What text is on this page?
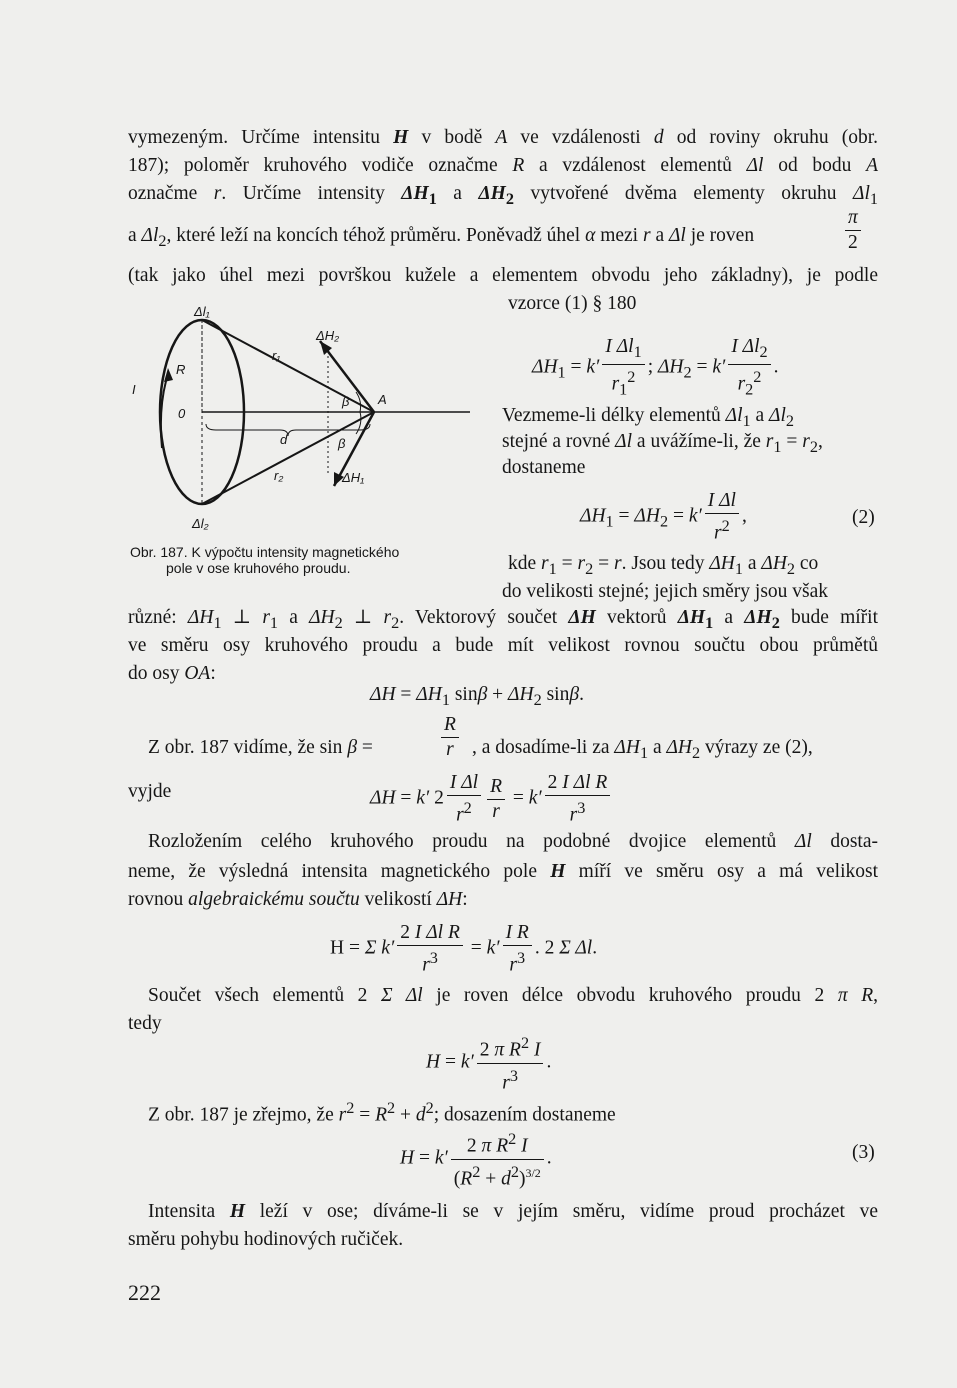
vymezeným. Určíme intensitu H v bodě A ve vzdálenosti d od roviny okruhu (obr.
187); poloměr kruhového vodiče označme R a vzdálenost elementů Δl od bodu A
označme r. Určíme intensity $\Delta H_1$ a $\Delta H_2$ vytvořené dvěma elementy okruhu $\Delta l_1$
a $\Delta l_2$, které leží na koncích téhož průměru. Poněvadž úhel α mezi r a Δl je roven	$\frac{\pi}{2}$
(tak jako úhel mezi površkou kužele a elementem obvodu jeho základny), je podle
vzorce (1) § 180
$\Delta H_1 = k' \frac{I \Delta l_1}{r_1^2}$ ; $\Delta H_2 = k' \frac{I \Delta l_2}{r_2^2}$ .
Vezmeme-li délky elementů $\Delta l_1$ a $\Delta l_2$
stejné a rovné Δl a uvážíme-li, že $r_1 = r_2$,
dostaneme
$\Delta H_1 = \Delta H_2 = k' \frac{\text{I Δl}}{r^2}$ ,	(2)
Δl₁
Δl₂
ΔH₂
ΔH₁
r₁
r₂
R
I
0
A
d
β
β
Obr. 187. K výpočtu intensity magnetického
pole v ose kruhového proudu.	kde $r_1 = r_2 = r$. Jsou tedy $\Delta H_1$ a $\Delta H_2$ co
do velikosti stejné; jejich směry jsou však
různé: $\Delta H_1$ ⊥ $r_1$ a $\Delta H_2$ ⊥ $r_2$. Vektorový součet ΔH vektorů $\Delta H_1$ a $\Delta H_2$ bude mířit
ve směru osy kruhového proudu a bude mít velikost rovnou součtu obou průmětů
do osy OA:
$\Delta H = \Delta H_1$ $\sin\beta + \Delta H_2$ sinβ.
Z obr. 187 vidíme, že sin β =	$\frac{R}{r}$ , a dosadíme-li za $\Delta H_1$ a $\Delta H_2$ výrazy ze (2),
vyjde	ΔH = k′ $2 \frac{\text{I Δl}}{r^2} \frac{R}{r} = k' \frac{\text{2 I Δl R}}{r^3}$
Rozložením celého kruhového proudu na podobné dvojice elementů Δl dosta-
neme, že výsledná intensita magnetického pole H míří ve směru osy a má velikost
rovnou algebraickému součtu velikostí ΔH:
H = Σ $k' \frac{\text{2 I Δl R}}{r^3} = k' \frac{\text{I R}}{r^3}$ . 2 Σ Δl.
Součet všech elementů 2 Σ Δl je roven délce obvodu kruhového proudu 2 π R,
tedy
$H = k' \frac{2 \pi R^2 I}{r^3}$ .
Z obr. 187 je zřejmo, že $r^2 = R^2 + d^2$; dosazením dostaneme
$H = k' \frac{2 \pi R^2 I}{(R^2 + d^2)^{3/2}}$ .	(3)
Intensita H leží v ose; díváme-li se v jejím směru, vidíme proud procházet ve
směru pohybu hodinových ručiček.
222
